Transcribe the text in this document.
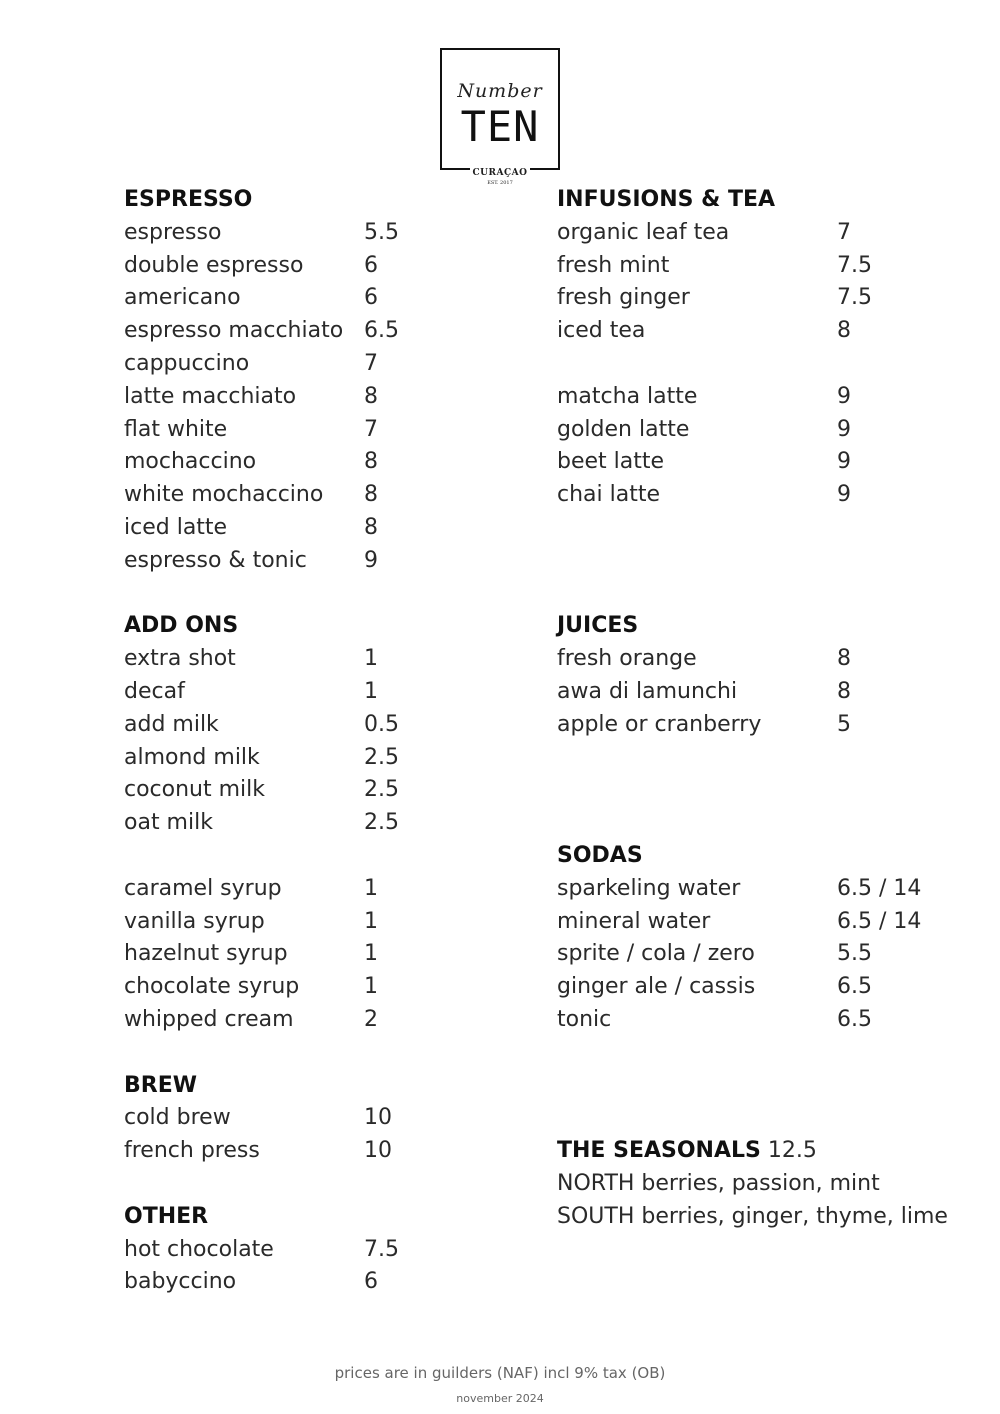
Number
TEN
CURAÇAO
EST. 2017
ESPRESSO
espresso	5.5
double espresso	6
americano	6
espresso macchiato 6.5
cappuccino	7
latte macchiato	8
flat white	7
mochaccino	8
white mochaccino 8
iced latte	8
espresso & tonic	9
ADD ONS
extra shot	1
decaf	1
add milk	0.5
almond milk	2.5
coconut milk	2.5
oat milk	2.5
caramel syrup	1
vanilla syrup	1
hazelnut syrup	1
chocolate syrup	1
whipped cream	2
BREW
cold brew	10
french press	10
OTHER
hot chocolate	7.5
babyccino	6
INFUSIONS & TEA
organic leaf tea	7
fresh mint	7.5
fresh ginger	7.5
iced tea	8
matcha latte	9
golden latte	9
beet latte	9
chai latte	9
JUICES
fresh orange	8
awa di lamunchi	8
apple or cranberry	5
SODAS
sparkeling water	6.5 / 14
mineral water	6.5 / 14
sprite / cola / zero	5.5
ginger ale / cassis	6.5
tonic	6.5
THE SEASONALS 12.5
NORTH berries, passion, mint
SOUTH berries, ginger, thyme, lime
prices are in guilders (NAF) incl 9% tax (OB)
november 2024
